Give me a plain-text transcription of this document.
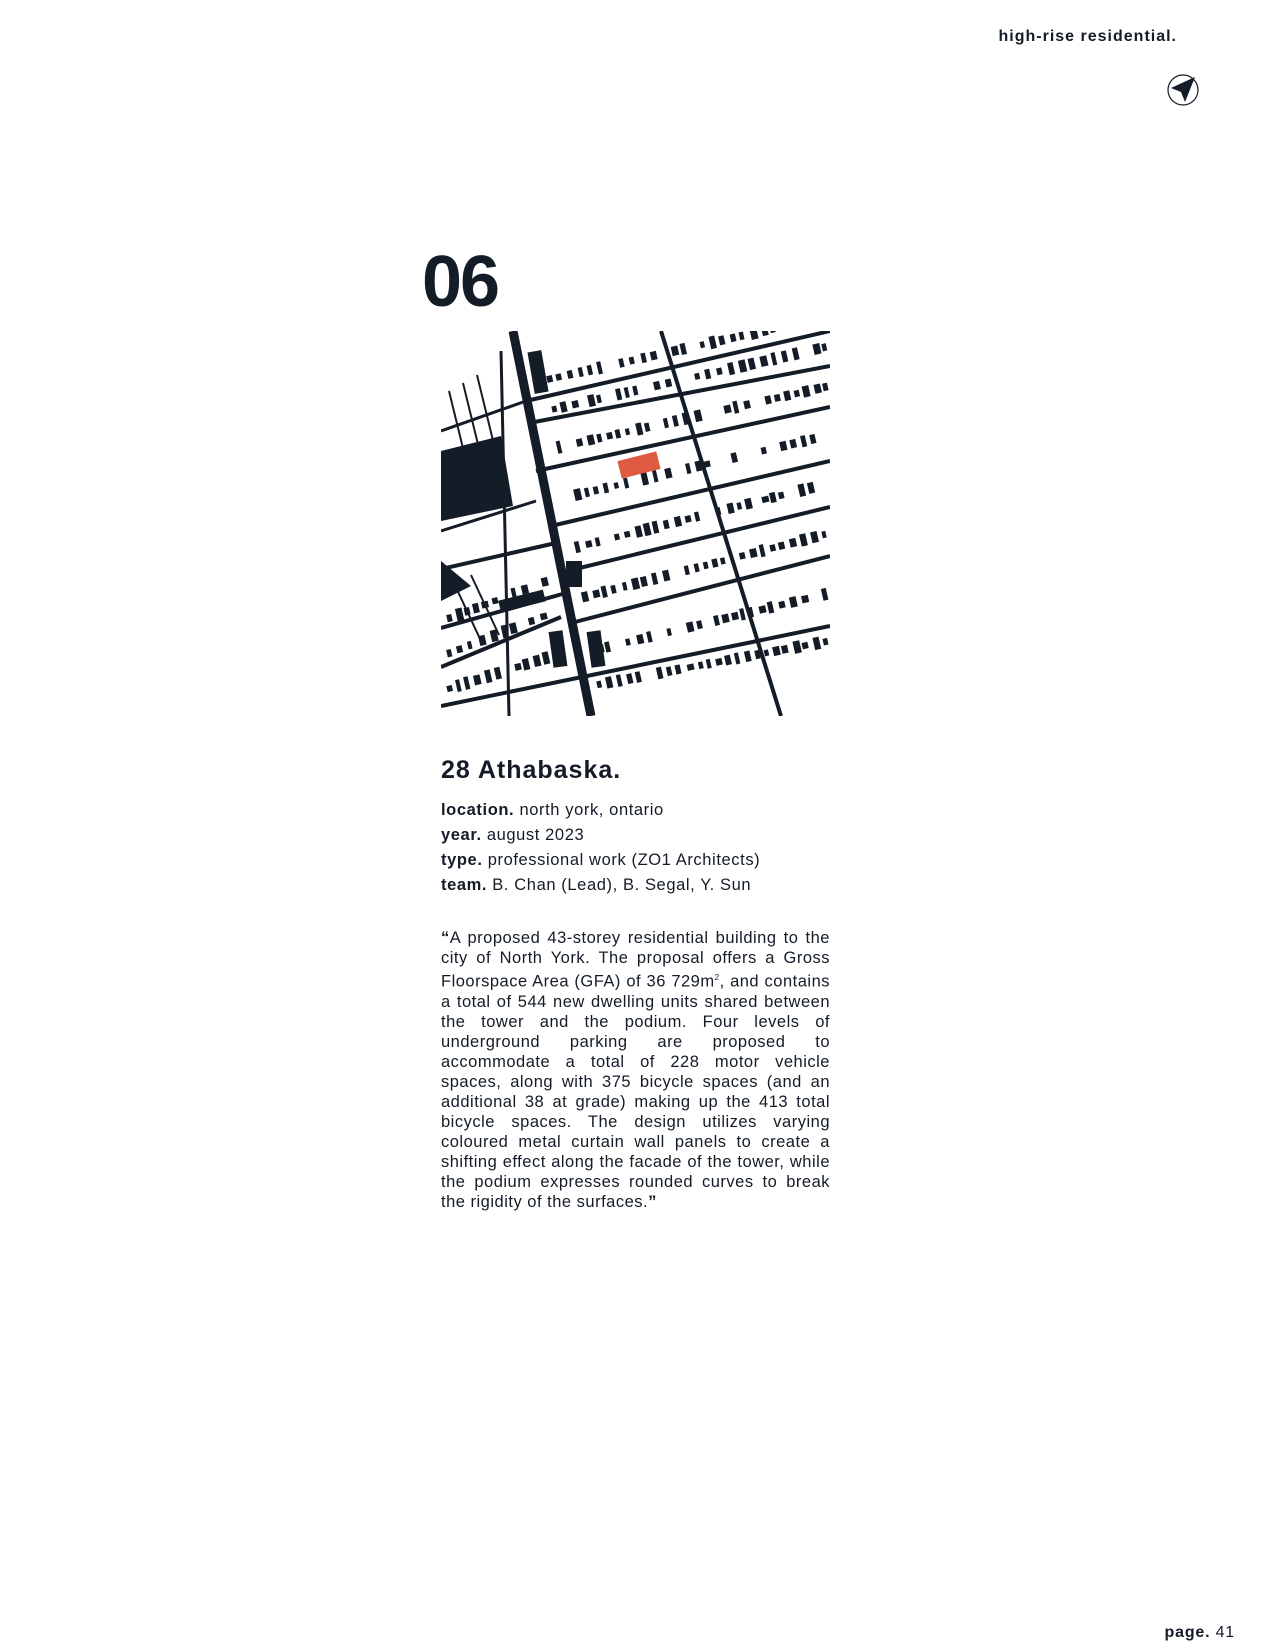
high-rise residential.
06
28 Athabaska.
location. north york, ontario
year. august 2023
type. professional work (ZO1 Architects)
team. B. Chan (Lead), B. Segal, Y. Sun

“A proposed 43-storey residential building to the city of North York. The proposal offers a Gross Floorspace Area (GFA) of 36 $729m^2$, and contains a total of 544 new dwelling units shared between the tower and the podium. Four levels of underground parking are proposed to accommodate a total of 228 motor vehicle spaces, along with 375 bicycle spaces (and an additional 38 at grade) making up the 413 total bicycle spaces. The design utilizes varying coloured metal curtain wall panels to create a shifting effect along the facade of the tower, while the podium expresses rounded curves to break the rigidity of the surfaces.”

page. 41
